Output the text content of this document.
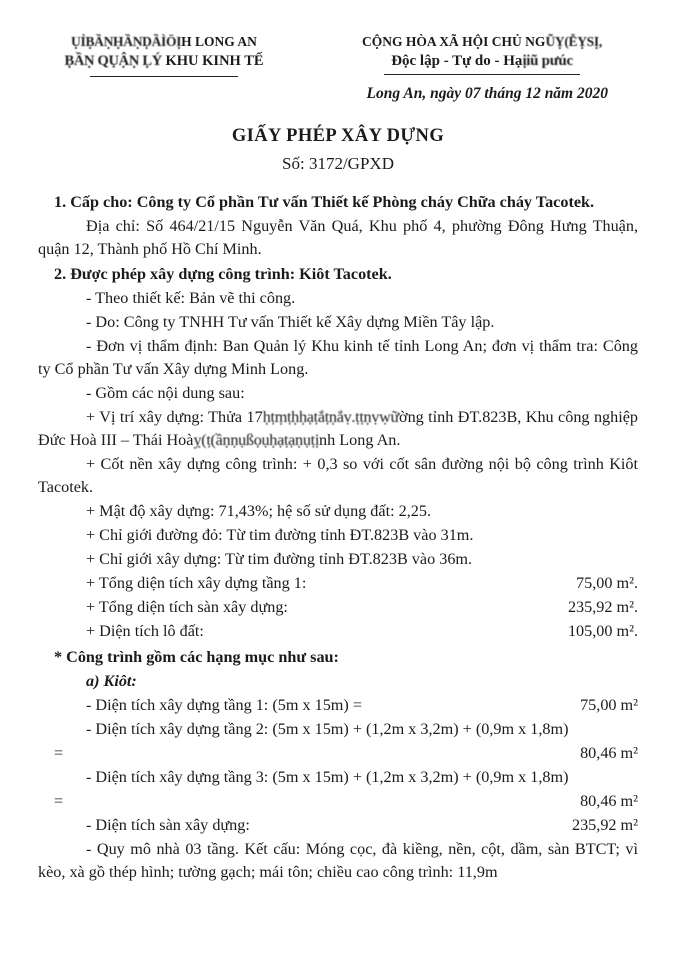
ỤỈḄẦṆḤẦṆḌẦÌÖỊH LONG AN
ḄẦṆ QỤẬṆ ḶÝ KHU KINH TẾ
CỘNG HÒA XÃ HỘI CHỦ NGŨỴ(ỄỴSỊ,
Độc lập - Tự do - Hạịiũ pưúc
Long An, ngày 07 tháng 12 năm 2020
GIẤY PHÉP XÂY DỰNG
Số: 3172/GPXD

1. Cấp cho: Công ty Cổ phần Tư vấn Thiết kế Phòng cháy Chữa cháy Tacotek.

Địa chỉ: Số 464/21/15 Nguyễn Văn Quá, Khu phố 4, phường Đông Hưng Thuận, quận 12, Thành phố Hồ Chí Minh.

2. Được phép xây dựng công trình: Kiôt Tacotek.

- Theo thiết kế: Bản vẽ thi công.

- Do: Công ty TNHH Tư vấn Thiết kế Xây dựng Miền Tây lập.

- Đơn vị thẩm định: Ban Quản lý Khu kinh tế tỉnh Long An; đơn vị thẩm tra: Công ty Cổ phần Tư vấn Xây dựng Minh Long.

- Gồm các nội dung sau:

+ Vị trí xây dựng: Thửa 17ḥṭṃṭḥḥạṭắṭṇắṿ.ṭṭṇṿẉữờng tỉnh ĐT.823B, Khu công nghiệp Đức Hoà III – Thái Hoàỵ(ṭ(ầṇṇụßọụḥạṭạṇụṭịnh Long An.

+ Cốt nền xây dựng công trình: + 0,3 so với cốt sân đường nội bộ công trình Kiôt Tacotek.

+ Mật độ xây dựng: 71,43%; hệ số sử dụng đất: 2,25.

+ Chỉ giới đường đỏ: Từ tim đường tỉnh ĐT.823B vào 31m.

+ Chỉ giới xây dựng: Từ tim đường tỉnh ĐT.823B vào 36m.

+ Tổng diện tích xây dựng tầng 1:	75,00 m².
+ Tổng diện tích sàn xây dựng:	235,92 m².
+ Diện tích lô đất:	105,00 m².

* Công trình gồm các hạng mục như sau:

a) Kiôt:

- Diện tích xây dựng tầng 1: (5m x 15m) =	75,00 m²

- Diện tích xây dựng tầng 2: (5m x 15m) + (1,2m x 3,2m) + (0,9m x 1,8m)

=	80,46 m²

- Diện tích xây dựng tầng 3: (5m x 15m) + (1,2m x 3,2m) + (0,9m x 1,8m)

=	80,46 m²
- Diện tích sàn xây dựng:	235,92 m²

- Quy mô nhà 03 tầng. Kết cấu: Móng cọc, đà kiềng, nền, cột, dầm, sàn BTCT; vì kèo, xà gồ thép hình; tường gạch; mái tôn; chiều cao công trình: 11,9m
